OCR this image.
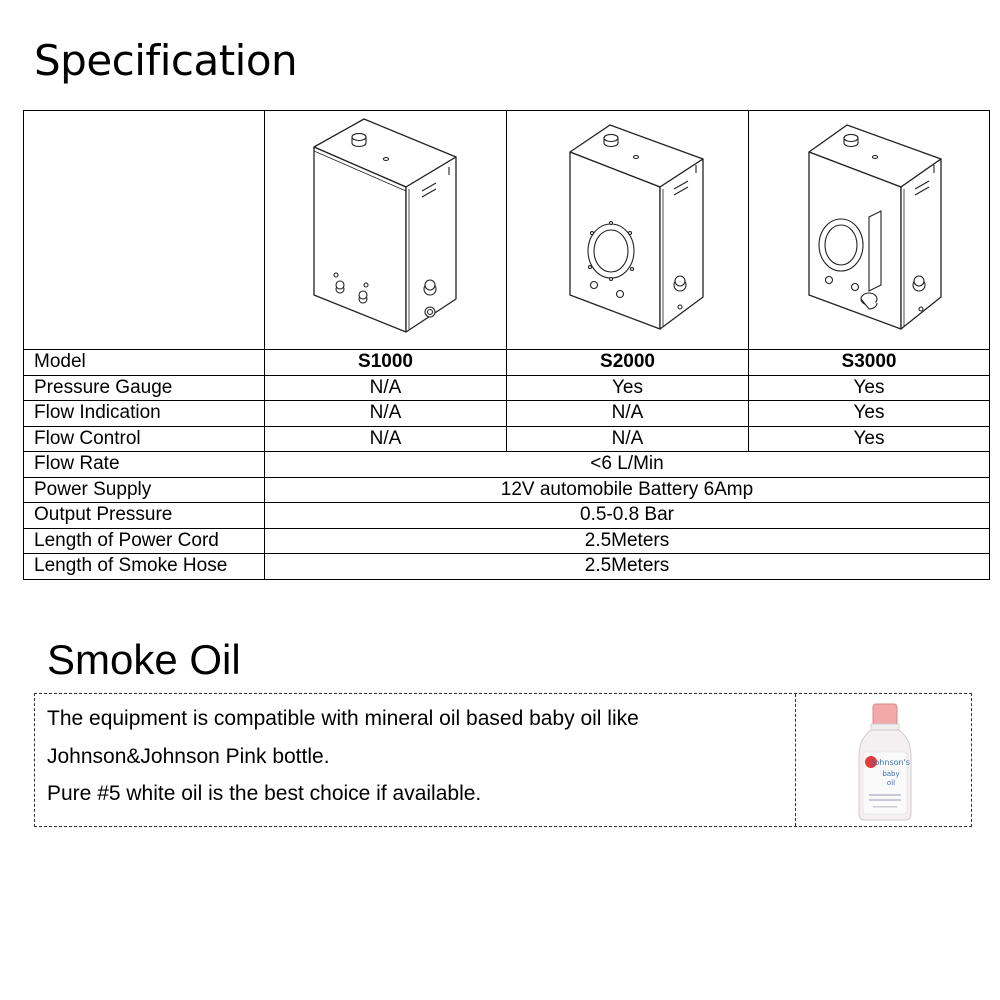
Specification

Model	S1000	S2000	S3000
Pressure Gauge	N/A	Yes	Yes
Flow Indication	N/A	N/A	Yes
Flow Control	N/A	N/A	Yes
Flow Rate	<6 L/Min		
Power Supply	12V automobile Battery 6Amp		
Output Pressure	0.5-0.8 Bar		
Length of Power Cord	2.5Meters		
Length of Smoke Hose	2.5Meters		
Smoke Oil

The equipment is compatible with mineral oil based baby oil like

Johnson&Johnson Pink bottle.

Pure #5 white oil is the best choice if available.

Johnson's
baby
oil
